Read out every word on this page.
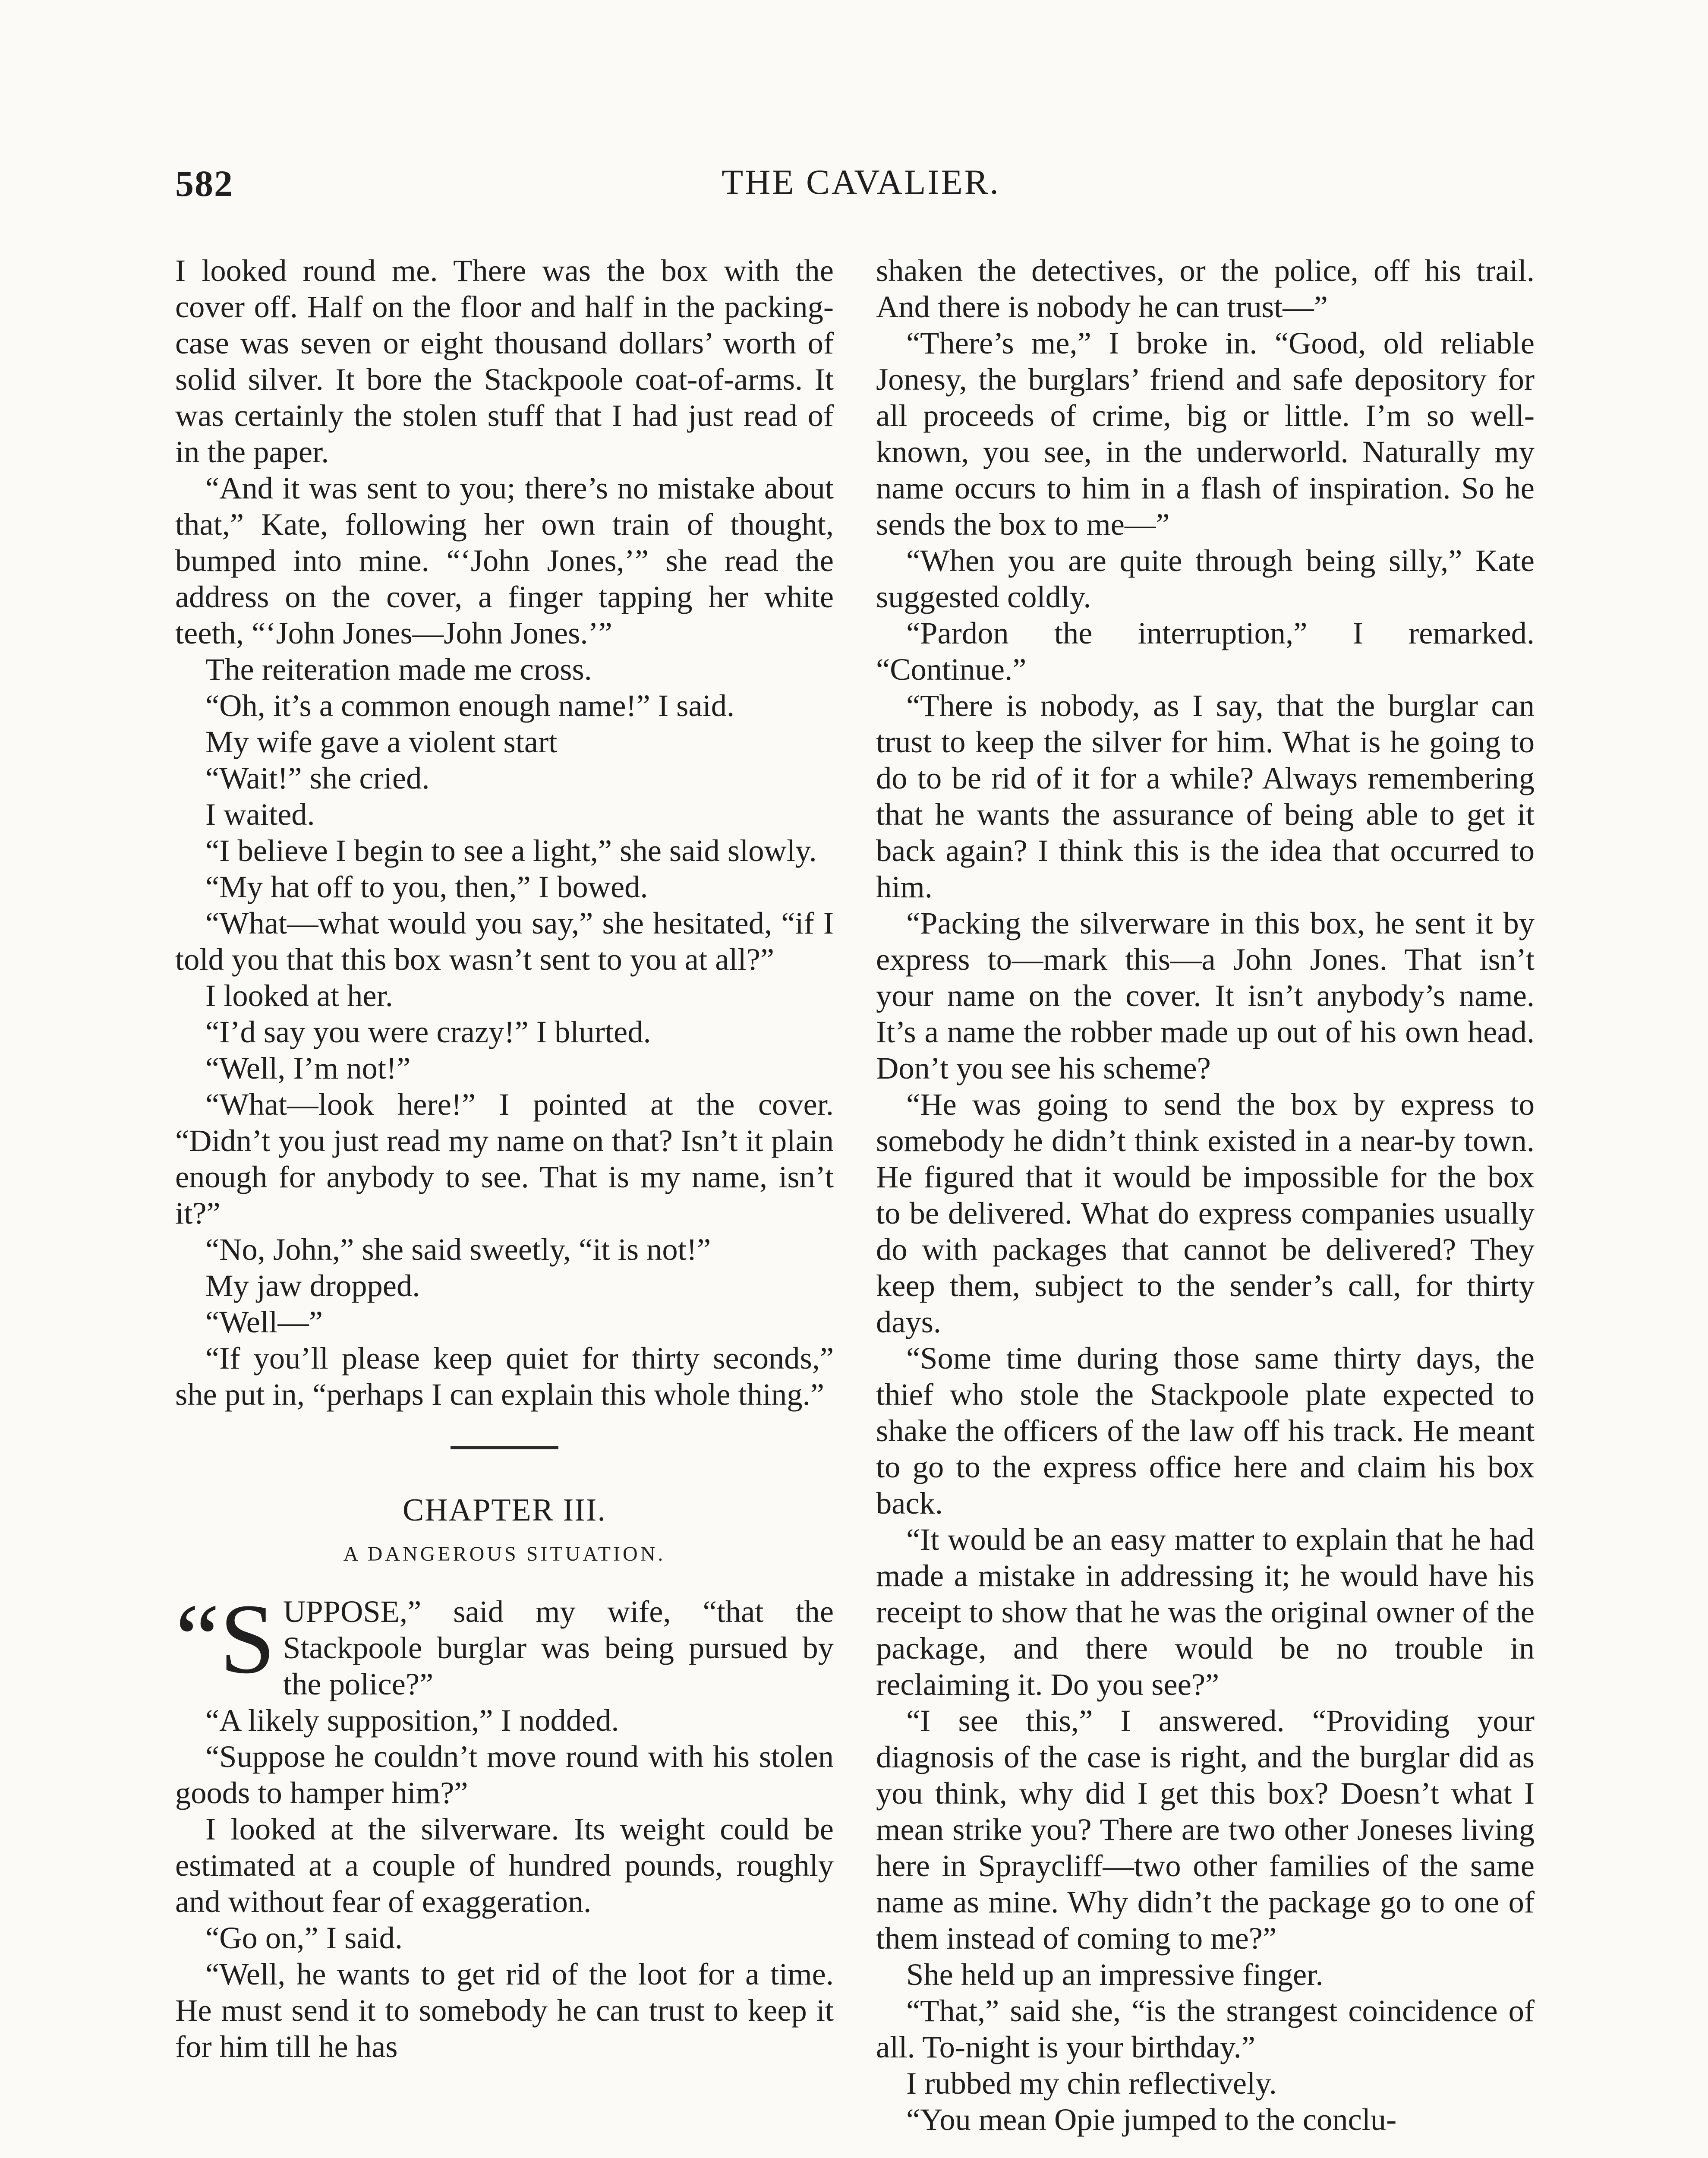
582	THE CAVALIER.

I looked round me. There was the box with the cover off. Half on the floor and half in the packing-case was seven or eight thousand dollars’ worth of solid silver. It bore the Stackpoole coat-of-arms. It was certainly the stolen stuff that I had just read of in the paper.

“And it was sent to you; there’s no mistake about that,” Kate, following her own train of thought, bumped into mine. “‘John Jones,’” she read the address on the cover, a finger tapping her white teeth, “‘John Jones—John Jones.’”

The reiteration made me cross.

“Oh, it’s a common enough name!” I said.

My wife gave a violent start

“Wait!” she cried.

I waited.

“I believe I begin to see a light,” she said slowly.

“My hat off to you, then,” I bowed.

“What—what would you say,” she hesitated, “if I told you that this box wasn’t sent to you at all?”

I looked at her.

“I’d say you were crazy!” I blurted.

“Well, I’m not!”

“What—look here!” I pointed at the cover. “Didn’t you just read my name on that? Isn’t it plain enough for anybody to see. That is my name, isn’t it?”

“No, John,” she said sweetly, “it is not!”

My jaw dropped.

“Well—”

“If you’ll please keep quiet for thirty seconds,” she put in, “perhaps I can explain this whole thing.”

CHAPTER III.
A DANGEROUS SITUATION.

“SUPPOSE,” said my wife, “that the Stackpoole burglar was being pursued by the police?”

“A likely supposition,” I nodded.

“Suppose he couldn’t move round with his stolen goods to hamper him?”

I looked at the silverware. Its weight could be estimated at a couple of hundred pounds, roughly and without fear of exaggeration.

“Go on,” I said.

“Well, he wants to get rid of the loot for a time. He must send it to somebody he can trust to keep it for him till he has

shaken the detectives, or the police, off his trail. And there is nobody he can trust—”

“There’s me,” I broke in. “Good, old reliable Jonesy, the burglars’ friend and safe depository for all proceeds of crime, big or little. I’m so well-known, you see, in the underworld. Naturally my name occurs to him in a flash of inspiration. So he sends the box to me—”

“When you are quite through being silly,” Kate suggested coldly.

“Pardon the interruption,” I remarked. “Continue.”

“There is nobody, as I say, that the burglar can trust to keep the silver for him. What is he going to do to be rid of it for a while? Always remembering that he wants the assurance of being able to get it back again? I think this is the idea that occurred to him.

“Packing the silverware in this box, he sent it by express to—mark this—a John Jones. That isn’t your name on the cover. It isn’t anybody’s name. It’s a name the robber made up out of his own head. Don’t you see his scheme?

“He was going to send the box by express to somebody he didn’t think existed in a near-by town. He figured that it would be impossible for the box to be delivered. What do express companies usually do with packages that cannot be delivered? They keep them, subject to the sender’s call, for thirty days.

“Some time during those same thirty days, the thief who stole the Stackpoole plate expected to shake the officers of the law off his track. He meant to go to the express office here and claim his box back.

“It would be an easy matter to explain that he had made a mistake in addressing it; he would have his receipt to show that he was the original owner of the package, and there would be no trouble in reclaiming it. Do you see?”

“I see this,” I answered. “Providing your diagnosis of the case is right, and the burglar did as you think, why did I get this box? Doesn’t what I mean strike you? There are two other Joneses living here in Spraycliff—two other families of the same name as mine. Why didn’t the package go to one of them instead of coming to me?”

She held up an impressive finger.

“That,” said she, “is the strangest coincidence of all. To-night is your birthday.”

I rubbed my chin reflectively.

“You mean Opie jumped to the conclu-
